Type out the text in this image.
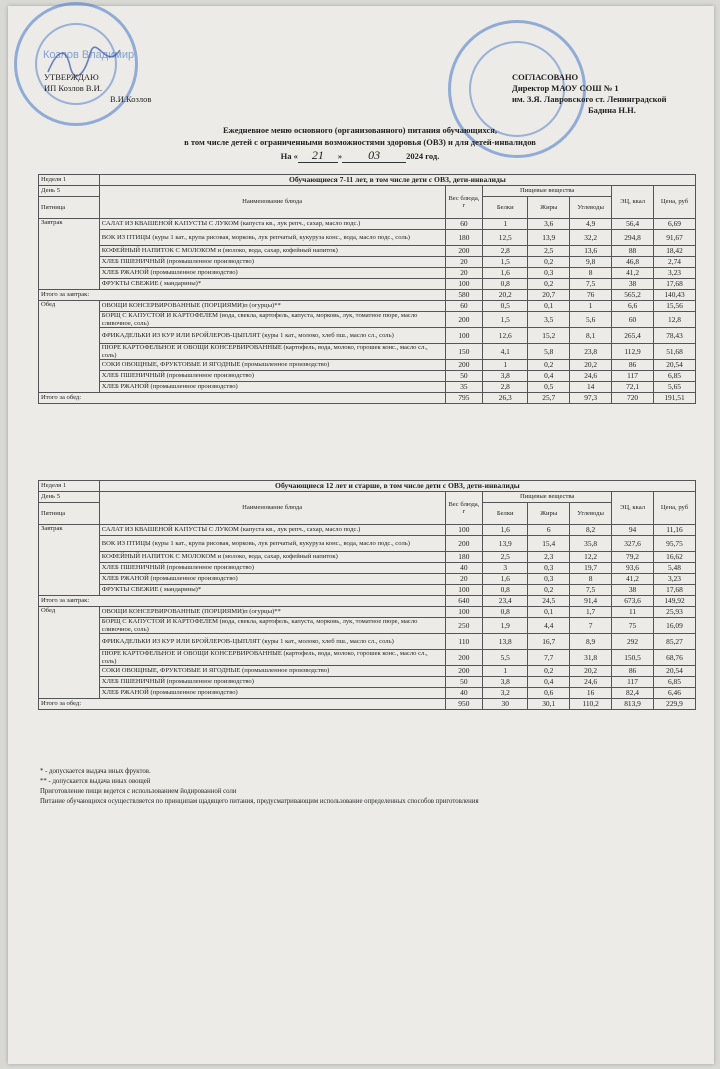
Козлов Владимир
УТВЕРЖДАЮ
ИП Козлов В.И.
В.И.Козлов
СОГЛАСОВАНО
Директор МАОУ СОШ № 1
им. З.Я. Лавровского ст. Ленинградской
Бадина Н.Н.
Ежедневное меню основного (организованного) питания обучающихся,
в том числе детей с ограниченными возможностями здоровья (ОВЗ) и для детей-инвалидов
На « 21 » 03	2024 год.
Неделя 1	Обучающиеся 7-11 лет, в том числе дети с ОВЗ, дети-инвалиды						
День 5	Наименование блюда	Вес блюда, г	Пищевые вещества			ЭЦ, ккал	Цена, руб
Пятница			Белки	Жиры	Углеводы		

Завтрак	САЛАТ ИЗ КВАШЕНОЙ КАПУСТЫ С ЛУКОМ (капуста кв., лук репч., сахар, масло подс.)	60	1	3,6	4,9	56,4	6,69
	ВОК ИЗ ПТИЦЫ (куры 1 кат., крупа рисовая, морковь, лук репчатый, кукуруза конс., вода, масло подс., соль)	180	12,5	13,9	32,2	294,8	91,67
	КОФЕЙНЫЙ НАПИТОК С МОЛОКОМ и (молоко, вода, сахар, кофейный напиток)	200	2,8	2,5	13,6	88	18,42
	ХЛЕБ ПШЕНИЧНЫЙ (промышленное производство)	20	1,5	0,2	9,8	46,8	2,74
	ХЛЕБ РЖАНОЙ (промышленное производство)	20	1,6	0,3	8	41,2	3,23
	ФРУКТЫ СВЕЖИЕ ( мандарины)*	100	0,8	0,2	7,5	38	17,68
Итого за завтрак:		580	20,2	20,7	76	565,2	140,43
Обед	ОВОЩИ КОНСЕРВИРОВАННЫЕ (ПОРЦИЯМИ)п (огурцы)**	60	0,5	0,1	1	6,6	15,56
	БОРЩ С КАПУСТОЙ И КАРТОФЕЛЕМ (вода, свекла, картофель, капуста, морковь, лук, томатное пюре, масло сливочное, соль)	200	1,5	3,5	5,6	60	12,8
	ФРИКАДЕЛЬКИ ИЗ КУР ИЛИ БРОЙЛЕРОВ-ЦЫПЛЯТ (куры 1 кат., молоко, хлеб пш., масло сл., соль)	100	12,6	15,2	8,1	265,4	78,43
	ПЮРЕ КАРТОФЕЛЬНОЕ И ОВОЩИ КОНСЕРВИРОВАННЫЕ (картофель, вода, молоко, горошек конс., масло сл., соль)	150	4,1	5,8	23,8	112,9	51,68
	СОКИ ОВОЩНЫЕ, ФРУКТОВЫЕ И ЯГОДНЫЕ (промышленное производство)	200	1	0,2	20,2	86	20,54
	ХЛЕБ ПШЕНИЧНЫЙ (промышленное производство)	50	3,8	0,4	24,6	117	6,85
	ХЛЕБ РЖАНОЙ (промышленное производство)	35	2,8	0,5	14	72,1	5,65
Итого за обед:		795	26,3	25,7	97,3	720	191,51
Неделя 1	Обучающиеся 12 лет и старше, в том числе дети с ОВЗ, дети-инвалиды						
День 5	Наименование блюда	Вес блюда, г	Пищевые вещества			ЭЦ, ккал	Цена, руб
Пятница			Белки	Жиры	Углеводы		

Завтрак	САЛАТ ИЗ КВАШЕНОЙ КАПУСТЫ С ЛУКОМ (капуста кв., лук репч., сахар, масло подс.)	100	1,6	6	8,2	94	11,16
	ВОК ИЗ ПТИЦЫ (куры 1 кат., крупа рисовая, морковь, лук репчатый, кукуруза конс., вода, масло подс., соль)	200	13,9	15,4	35,8	327,6	95,75
	КОФЕЙНЫЙ НАПИТОК С МОЛОКОМ и (молоко, вода, сахар, кофейный напиток)	180	2,5	2,3	12,2	79,2	16,62
	ХЛЕБ ПШЕНИЧНЫЙ (промышленное производство)	40	3	0,3	19,7	93,6	5,48
	ХЛЕБ РЖАНОЙ (промышленное производство)	20	1,6	0,3	8	41,2	3,23
	ФРУКТЫ СВЕЖИЕ ( мандарины)*	100	0,8	0,2	7,5	38	17,68
Итого за завтрак:		640	23,4	24,5	91,4	673,6	149,92
Обед	ОВОЩИ КОНСЕРВИРОВАННЫЕ (ПОРЦИЯМИ)п (огурцы)**	100	0,8	0,1	1,7	11	25,93
	БОРЩ С КАПУСТОЙ И КАРТОФЕЛЕМ (вода, свекла, картофель, капуста, морковь, лук, томатное пюре, масло сливочное, соль)	250	1,9	4,4	7	75	16,09
	ФРИКАДЕЛЬКИ ИЗ КУР ИЛИ БРОЙЛЕРОВ-ЦЫПЛЯТ (куры 1 кат., молоко, хлеб пш., масло сл., соль)	110	13,8	16,7	8,9	292	85,27
	ПЮРЕ КАРТОФЕЛЬНОЕ И ОВОЩИ КОНСЕРВИРОВАННЫЕ (картофель, вода, молоко, горошек конс., масло сл., соль)	200	5,5	7,7	31,8	150,5	68,76
	СОКИ ОВОЩНЫЕ, ФРУКТОВЫЕ И ЯГОДНЫЕ (промышленное производство)	200	1	0,2	20,2	86	20,54
	ХЛЕБ ПШЕНИЧНЫЙ (промышленное производство)	50	3,8	0,4	24,6	117	6,85
	ХЛЕБ РЖАНОЙ (промышленное производство)	40	3,2	0,6	16	82,4	6,46
Итого за обед:		950	30	30,1	110,2	813,9	229,9
* - допускается выдача иных фруктов.
** - допускается выдача иных овощей
Приготовление пищи ведется с использованием йодированной соли
Питание обучающихся осуществляется по принципам щадящего питания, предусматривающим использование определенных способов приготовления
